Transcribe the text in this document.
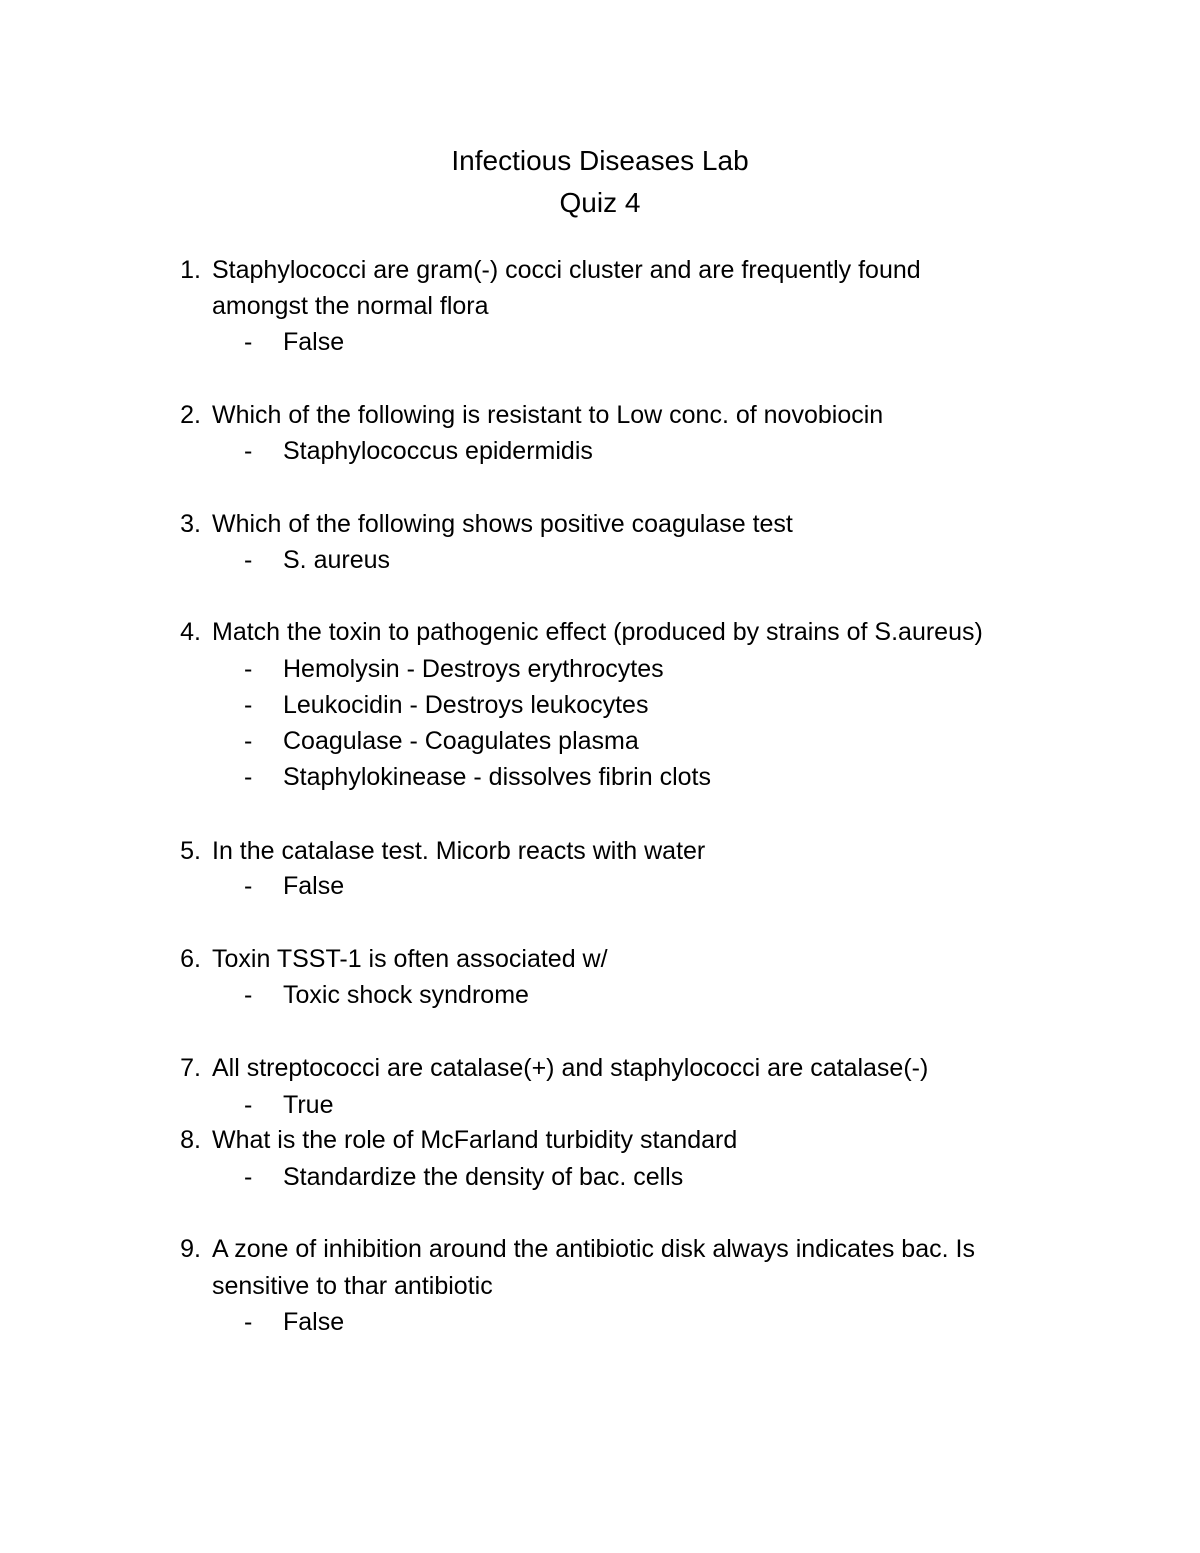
Infectious Diseases Lab
Quiz 4
1. Staphylococci are gram(-) cocci cluster and are frequently found
amongst the normal flora
- False
2. Which of the following is resistant to Low conc. of novobiocin
- Staphylococcus epidermidis
3. Which of the following shows positive coagulase test
- S. aureus
4. Match the toxin to pathogenic effect (produced by strains of S.aureus)
- Hemolysin - Destroys erythrocytes
- Leukocidin - Destroys leukocytes
- Coagulase - Coagulates plasma
- Staphylokinease - dissolves fibrin clots
5. In the catalase test. Micorb reacts with water
- False
6. Toxin TSST-1 is often associated w/
- Toxic shock syndrome
7. All streptococci are catalase(+) and staphylococci are catalase(-)
- True
8. What is the role of McFarland turbidity standard
- Standardize the density of bac. cells
9. A zone of inhibition around the antibiotic disk always indicates bac. Is
sensitive to thar antibiotic
- False
